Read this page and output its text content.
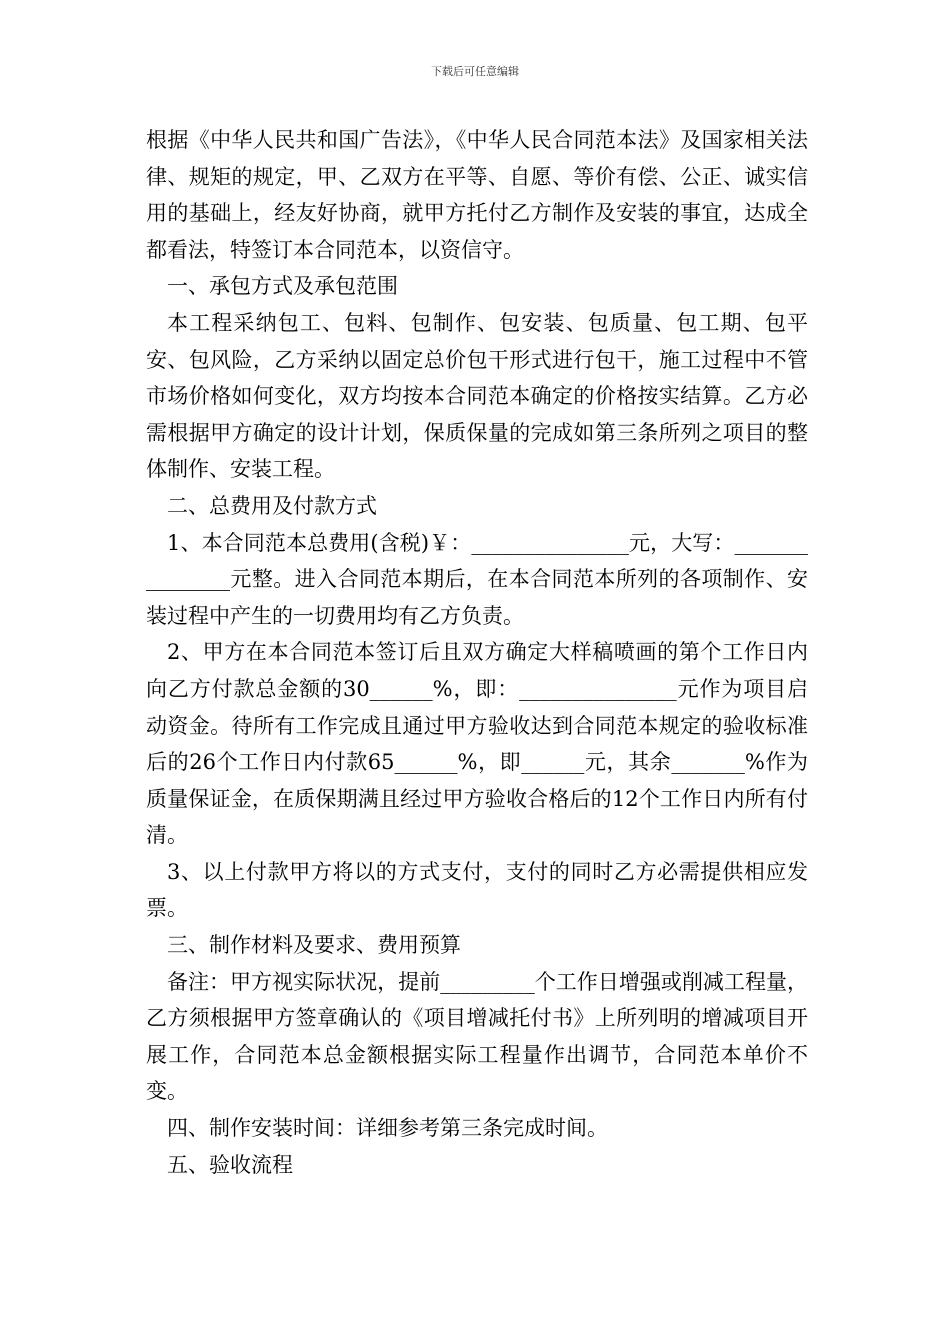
下载后可任意编辑

根据《中华人民共和国广告法》，《中华人民合同范本法》及国家相关法律、规矩的规定，甲、乙双方在平等、自愿、等价有偿、公正、诚实信用的基础上，经友好协商，就甲方托付乙方制作及安装的事宜，达成全都看法，特签订本合同范本，以资信守。

一、承包方式及承包范围

本工程采纳包工、包料、包制作、包安装、包质量、包工期、包平安、包风险，乙方采纳以固定总价包干形式进行包干，施工过程中不管市场价格如何变化，双方均按本合同范本确定的价格按实结算。乙方必需根据甲方确定的设计计划，保质保量的完成如第三条所列之项目的整体制作、安装工程。

二、总费用及付款方式

1、本合同范本总费用(含税)￥：_______________元，大写：_______________元整。进入合同范本期后，在本合同范本所列的各项制作、安装过程中产生的一切费用均有乙方负责。

2、甲方在本合同范本签订后且双方确定大样稿喷画的第个工作日内向乙方付款总金额的30______%，即：_______________元作为项目启动资金。待所有工作完成且通过甲方验收达到合同范本规定的验收标准后的26个工作日内付款65______%，即______元，其余_______%作为质量保证金，在质保期满且经过甲方验收合格后的12个工作日内所有付清。

3、以上付款甲方将以的方式支付，支付的同时乙方必需提供相应发票。

三、制作材料及要求、费用预算

备注：甲方视实际状况，提前_________个工作日增强或削减工程量，乙方须根据甲方签章确认的《项目增减托付书》上所列明的增减项目开展工作，合同范本总金额根据实际工程量作出调节，合同范本单价不变。

四、制作安装时间：详细参考第三条完成时间。

五、验收流程
